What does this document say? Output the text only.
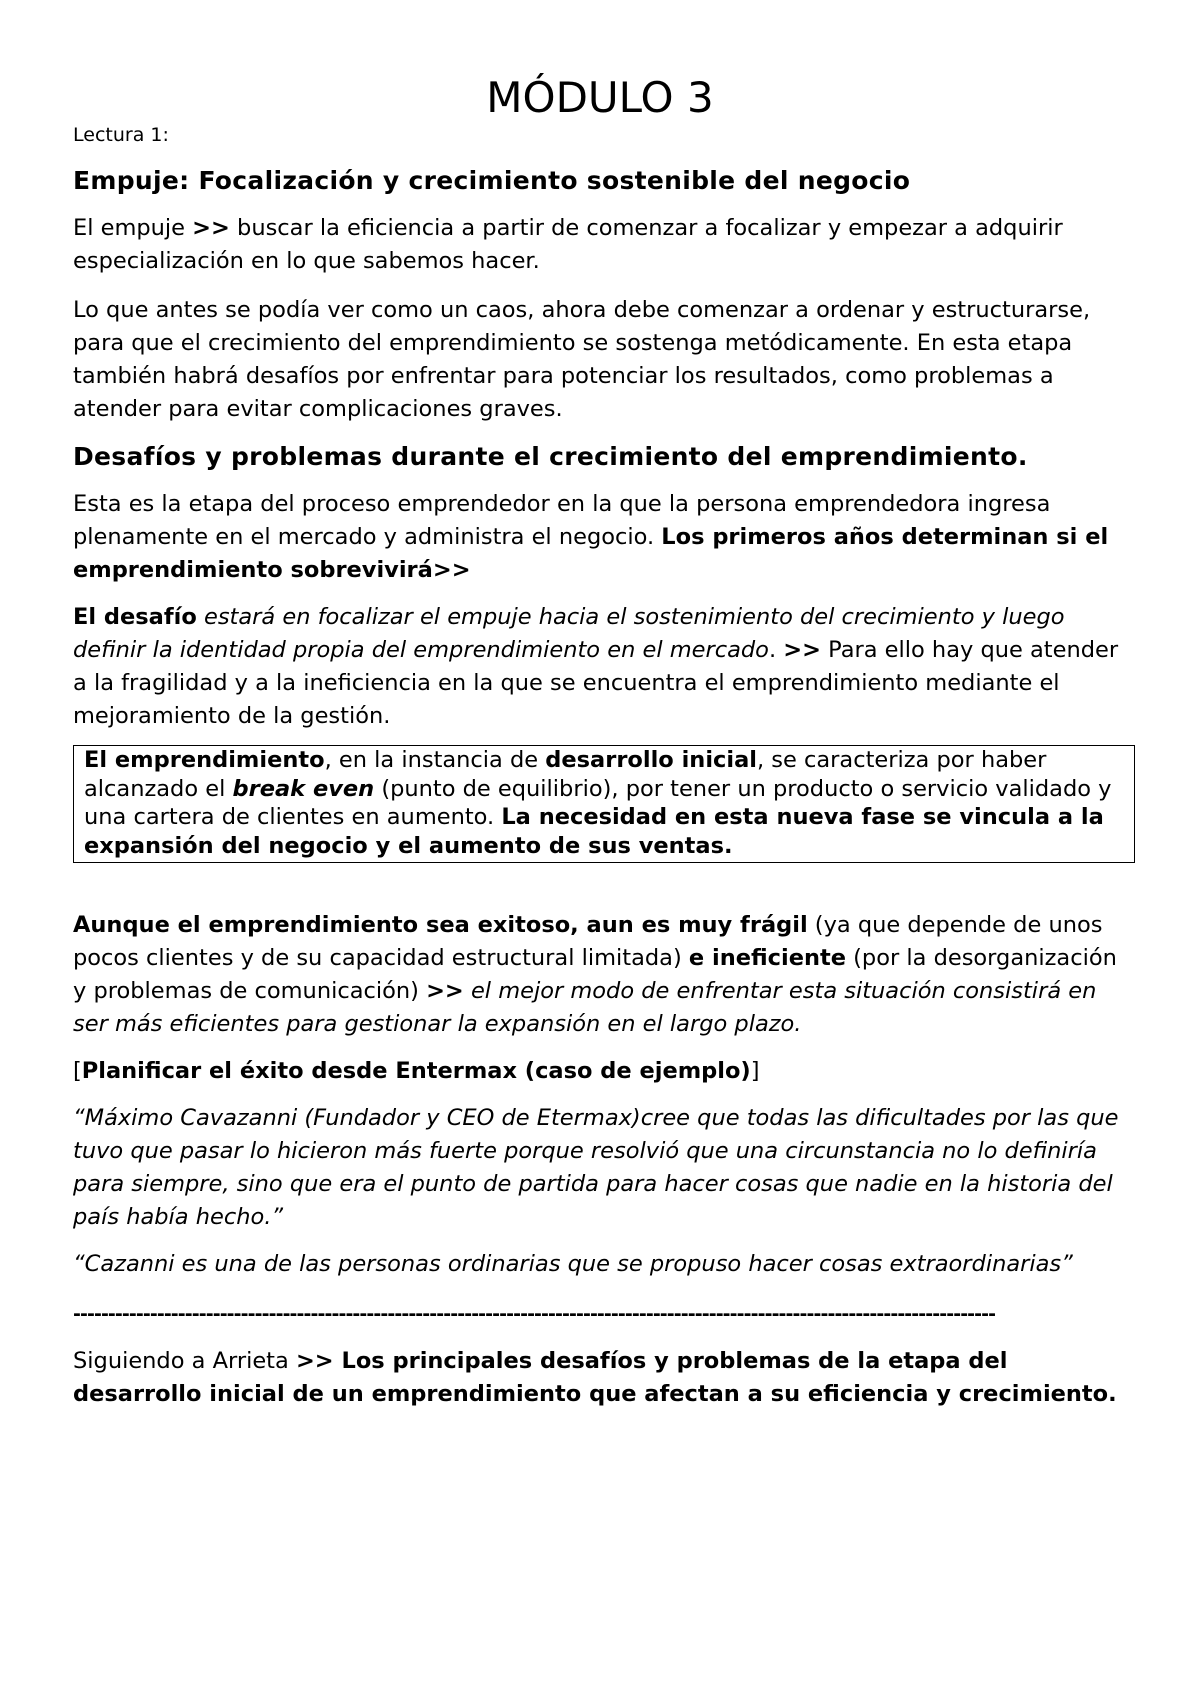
MÓDULO 3

Lectura 1:

Empuje: Focalización y crecimiento sostenible del negocio

El empuje >> buscar la eficiencia a partir de comenzar a focalizar y empezar a adquirir especialización en lo que sabemos hacer.

Lo que antes se podía ver como un caos, ahora debe comenzar a ordenar y estructurarse, para que el crecimiento del emprendimiento se sostenga metódicamente. En esta etapa también habrá desafíos por enfrentar para potenciar los resultados, como problemas a atender para evitar complicaciones graves.

Desafíos y problemas durante el crecimiento del emprendimiento.

Esta es la etapa del proceso emprendedor en la que la persona emprendedora ingresa plenamente en el mercado y administra el negocio. Los primeros años determinan si el emprendimiento sobrevivirá>>

El desafío estará en focalizar el empuje hacia el sostenimiento del crecimiento y luego definir la identidad propia del emprendimiento en el mercado. >> Para ello hay que atender a la fragilidad y a la ineficiencia en la que se encuentra el emprendimiento mediante el mejoramiento de la gestión.

El emprendimiento, en la instancia de desarrollo inicial, se caracteriza por haber alcanzado el break even (punto de equilibrio), por tener un producto o servicio validado y una cartera de clientes en aumento. La necesidad en esta nueva fase se vincula a la expansión del negocio y el aumento de sus ventas.

Aunque el emprendimiento sea exitoso, aun es muy frágil (ya que depende de unos pocos clientes y de su capacidad estructural limitada) e ineficiente (por la desorganización y problemas de comunicación) >> el mejor modo de enfrentar esta situación consistirá en ser más eficientes para gestionar la expansión en el largo plazo.

[Planificar el éxito desde Entermax (caso de ejemplo)]

“Máximo Cavazanni (Fundador y CEO de Etermax)cree que todas las dificultades por las que tuvo que pasar lo hicieron más fuerte porque resolvió que una circunstancia no lo definiría para siempre, sino que era el punto de partida para hacer cosas que nadie en la historia del país había hecho.”

“Cazanni es una de las personas ordinarias que se propuso hacer cosas extraordinarias”

------------------------------------------------------------------------------------------------------------------------------------

Siguiendo a Arrieta >> Los principales desafíos y problemas de la etapa del desarrollo inicial de un emprendimiento que afectan a su eficiencia y crecimiento.
